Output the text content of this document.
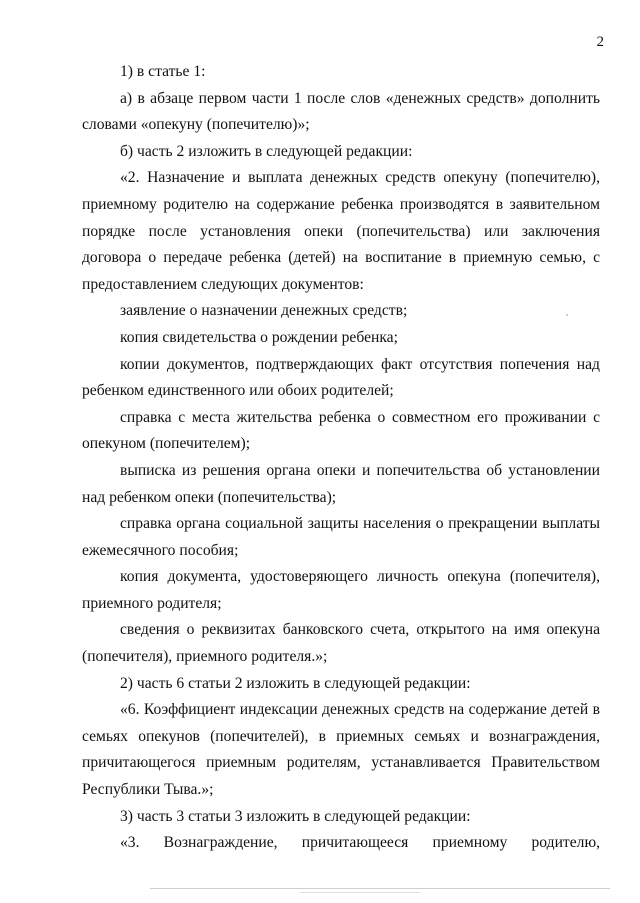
2

1) в статье 1:

а) в абзаце первом части 1 после слов «денежных средств» дополнить словами «опекуну (попечителю)»;

б) часть 2 изложить в следующей редакции:

«2. Назначение и выплата денежных средств опекуну (попечителю), приемному родителю на содержание ребенка производятся в заявительном порядке после установления опеки (попечительства) или заключения договора о передаче ребенка (детей) на воспитание в приемную семью, с предоставлением следующих документов:

заявление о назначении денежных средств;

копия свидетельства о рождении ребенка;

копии документов, подтверждающих факт отсутствия попечения над ребенком единственного или обоих родителей;

справка с места жительства ребенка о совместном его проживании с опекуном (попечителем);

выписка из решения органа опеки и попечительства об установлении над ребенком опеки (попечительства);

справка органа социальной защиты населения о прекращении выплаты ежемесячного пособия;

копия документа, удостоверяющего личность опекуна (попечителя), приемного родителя;

сведения о реквизитах банковского счета, открытого на имя опекуна (попечителя), приемного родителя.»;

2) часть 6 статьи 2 изложить в следующей редакции:

«6. Коэффициент индексации денежных средств на содержание детей в семьях опекунов (попечителей), в приемных семьях и вознаграждения, причитающегося приемным родителям, устанавливается Правительством Республики Тыва.»;

3) часть 3 статьи 3 изложить в следующей редакции:

«3. Вознаграждение, причитающееся приемному родителю,
